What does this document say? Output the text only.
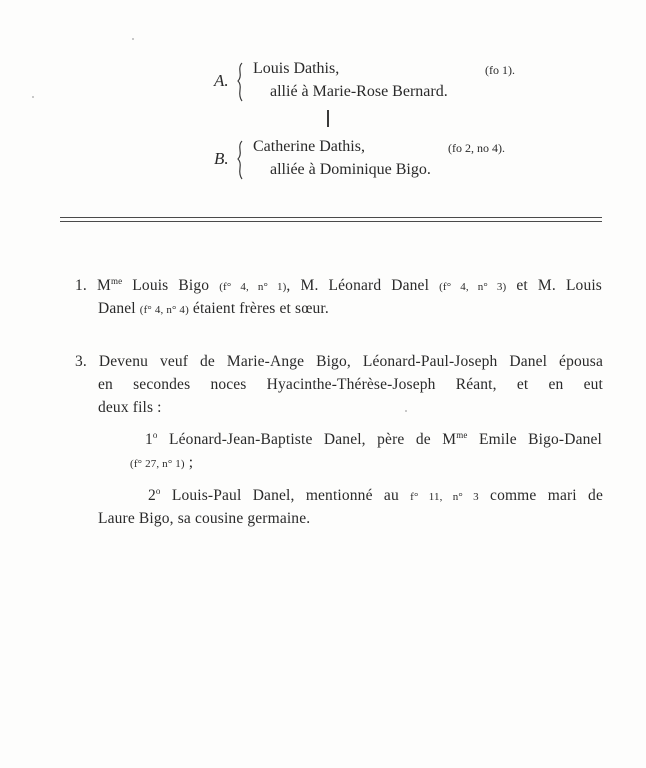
A.
Louis Dathis,	(fo 1).
allié à Marie-Rose Bernard.
B.
Catherine Dathis,	(fo 2, no 4).
alliée à Dominique Bigo.
1. $M^{me}$ Louis Bigo (f° 4, n° 1), M. Léonard Danel (f° 4, n° 3) et M. Louis
Danel (f° 4, n° 4) étaient frères et sœur.
3. Devenu veuf de Marie-Ange Bigo, Léonard-Paul-Joseph Danel épousa
en secondes noces Hyacinthe-Thérèse-Joseph Réant, et en eut
deux fils :
1$^o$ Léonard-Jean-Baptiste Danel, père de $M^{me}$ Emile Bigo-Danel
(f° 27, n° 1) ;
2$^o$ Louis-Paul Danel, mentionné au f° 11, n° 3 comme mari de
Laure Bigo, sa cousine germaine.
